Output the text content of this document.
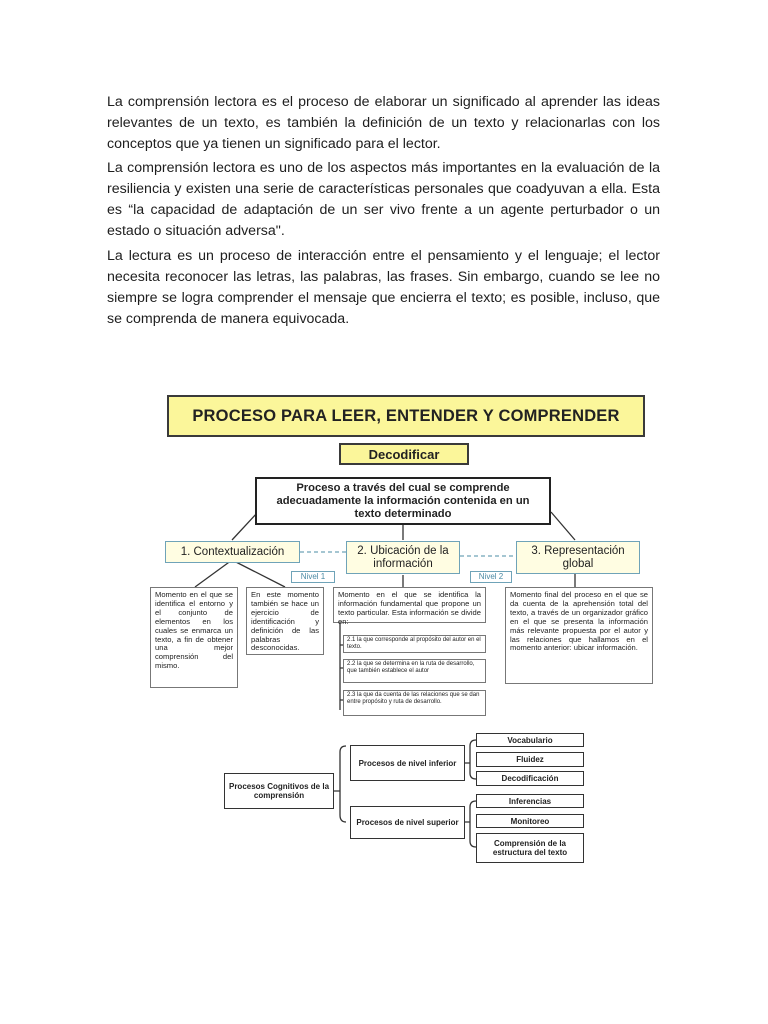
La comprensión lectora es el proceso de elaborar un significado al aprender las ideas relevantes de un texto, es también la definición de un texto y relacionarlas con los conceptos que ya tienen un significado para el lector.

La comprensión lectora es uno de los aspectos más importantes en la evaluación de la resiliencia y existen una serie de características personales que coadyuvan a ella. Esta es “la capacidad de adaptación de un ser vivo frente a un agente perturbador o un estado o situación adversa".

La lectura es un proceso de interacción entre el pensamiento y el lenguaje; el lector necesita reconocer las letras, las palabras, las frases. Sin embargo, cuando se lee no siempre se logra comprender el mensaje que encierra el texto; es posible, incluso, que se comprenda de manera equivocada.

PROCESO PARA LEER, ENTENDER Y COMPRENDER
Decodificar
Proceso a través del cual se comprende adecuadamente la información contenida en un texto determinado
1. Contextualización	2. Ubicación de la información
3. Representación global
Nivel 1	Nivel 2
Momento en el que se identifica el entorno y el conjunto de elementos en los cuales se enmarca un texto, a fin de obtener una mejor comprensión del mismo.
En este momento también se hace un ejercicio de identificación y definición de las palabras desconocidas.
Momento en el que se identifica la información fundamental que propone un texto particular. Esta información se divide en:
2.1 la que corresponde al propósito del autor en el texto.
2.2 la que se determina en la ruta de desarrollo, que también establece el autor
2.3 la que da cuenta de las relaciones que se dan entre propósito y ruta de desarrollo.
Momento final del proceso en el que se da cuenta de la aprehensión total del texto, a través de un organizador gráfico en el que se presenta la información más relevante propuesta por el autor y las relaciones que hallamos en el momento anterior: ubicar información.
Procesos Cognitivos de la comprensión
Procesos de nivel inferior
Procesos de nivel superior
Vocabulario
Fluidez
Decodificación
Inferencias
Monitoreo
Comprensión de la estructura del texto
